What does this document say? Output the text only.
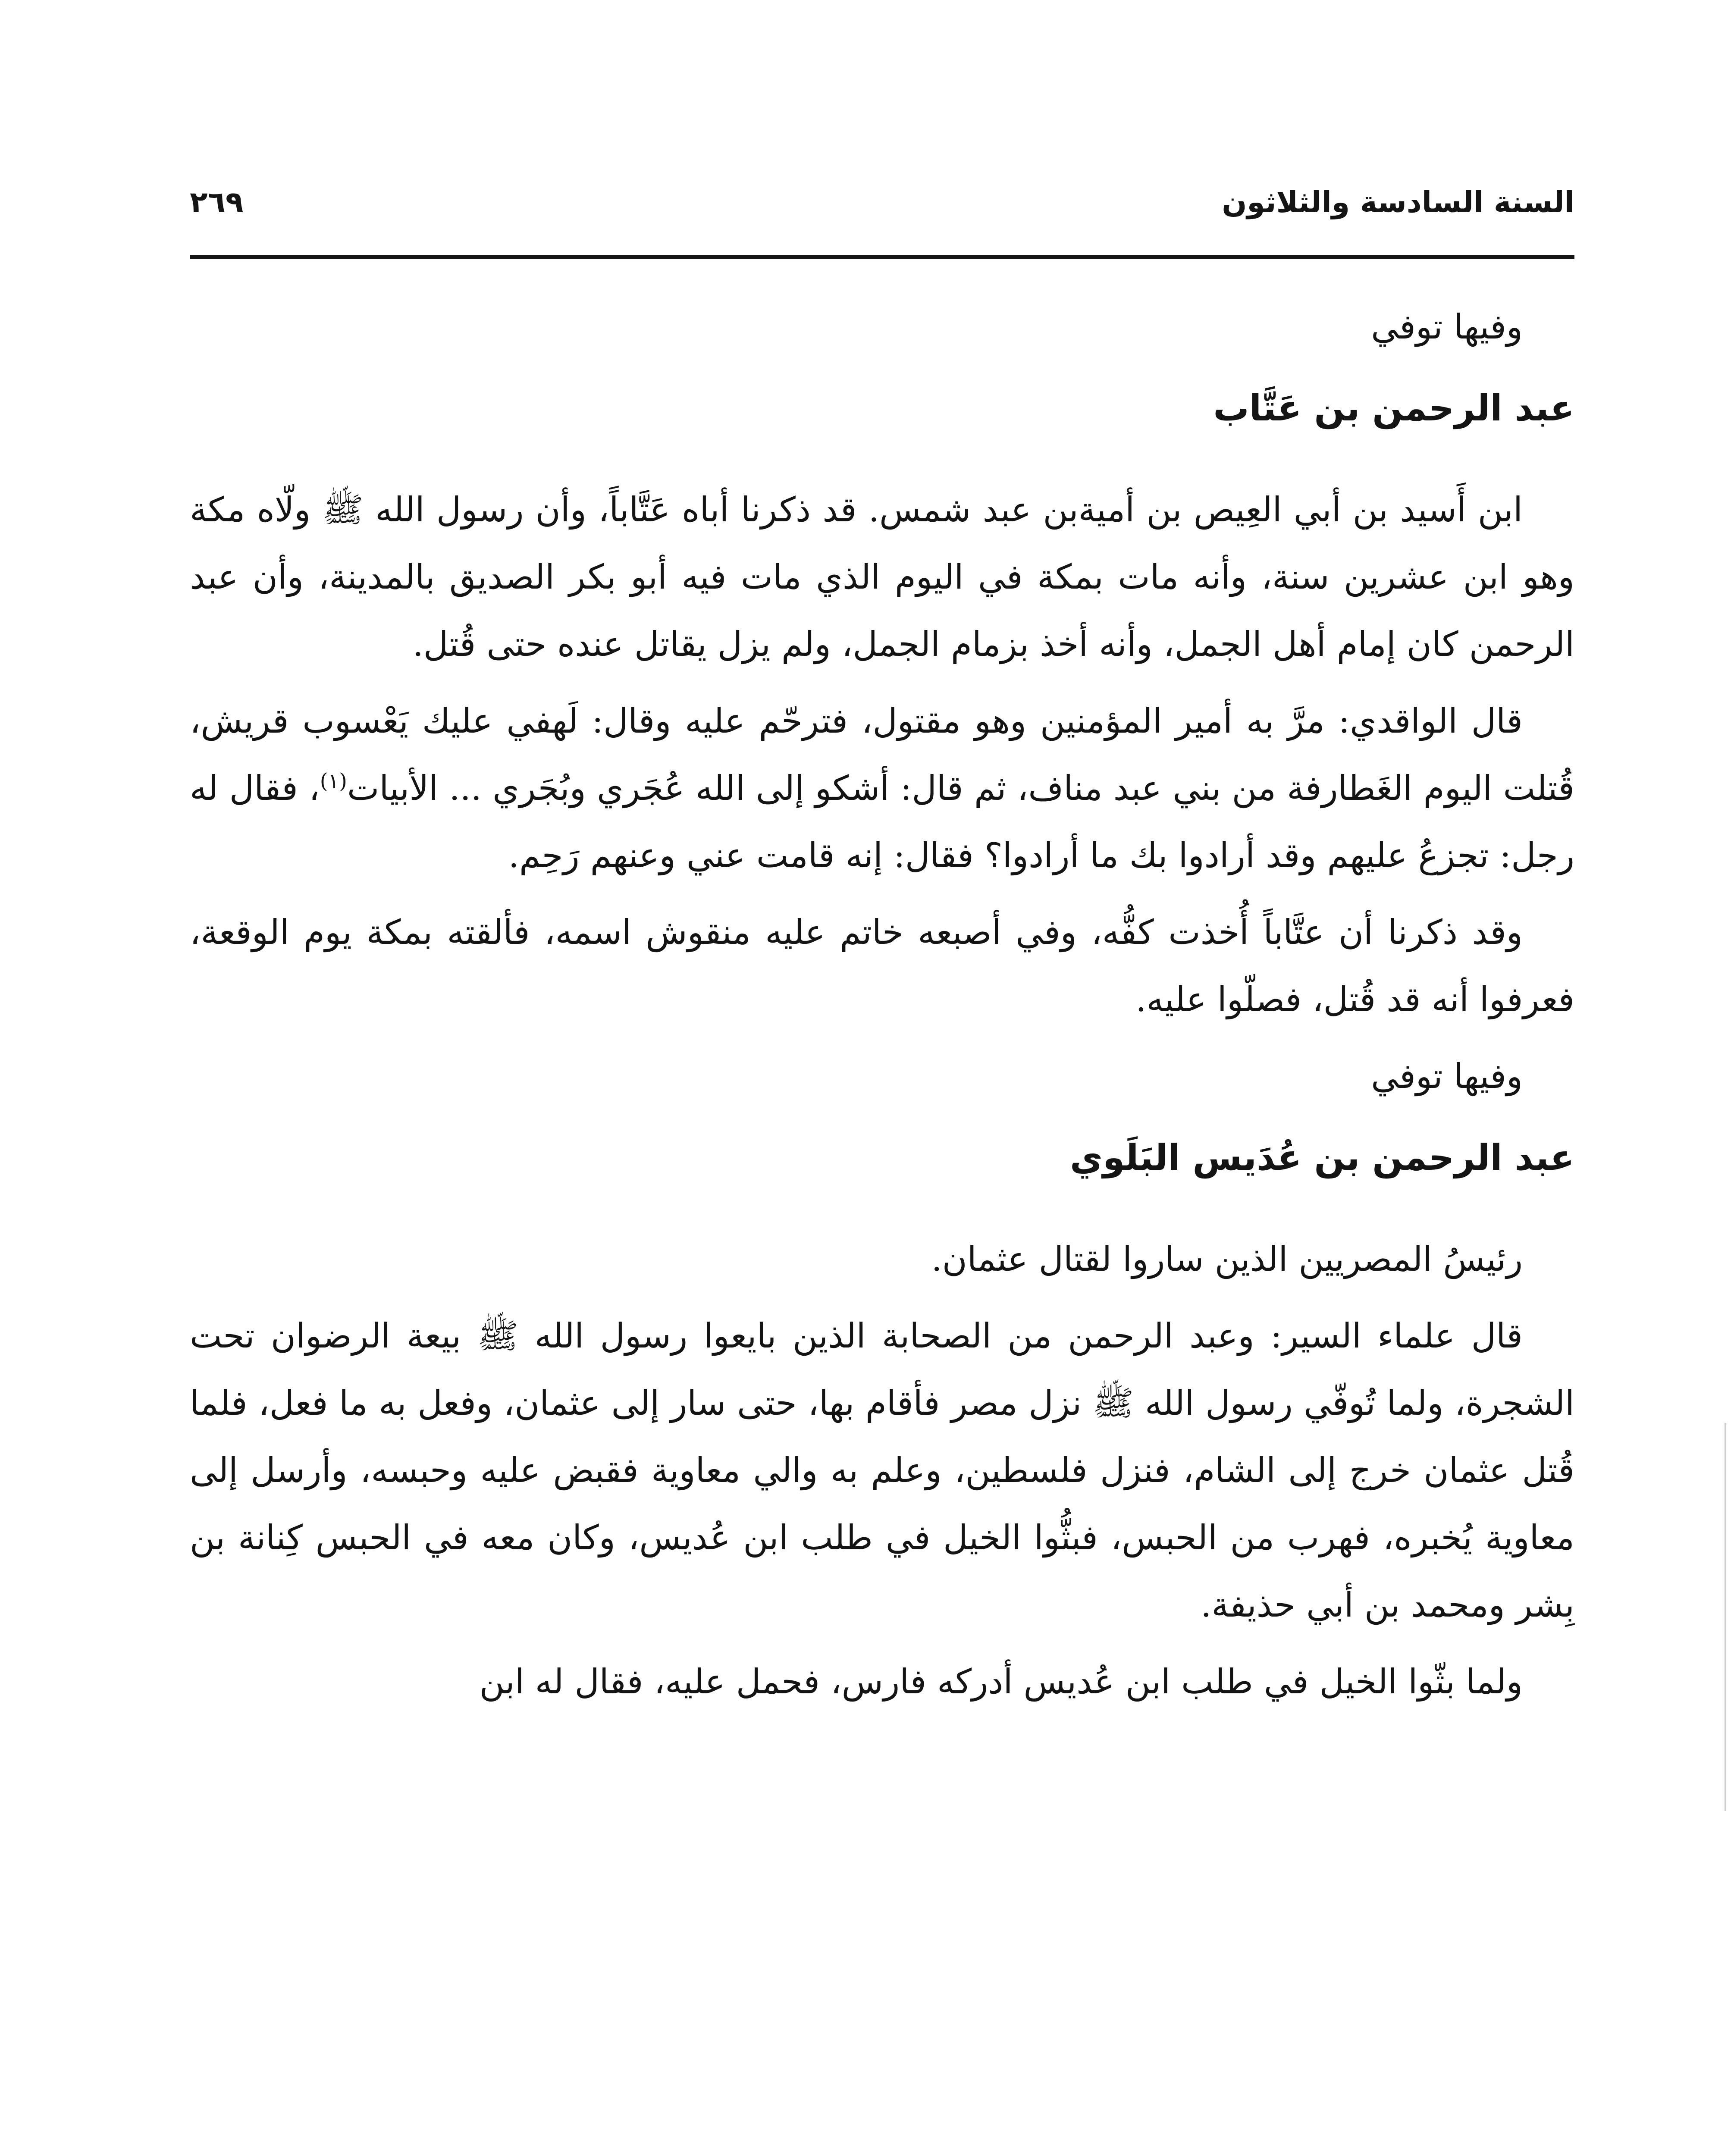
السنة السادسة والثلاثون
٢٦٩

وفيها توفي

عبد الرحمن بن عَتَّاب

ابن أَسيد بن أبي العِيص بن أميةبن عبد شمس. قد ذكرنا أباه عَتَّاباً، وأن رسول الله ﷺ ولّاه مكة وهو ابن عشرين سنة، وأنه مات بمكة في اليوم الذي مات فيه أبو بكر الصديق بالمدينة، وأن عبد الرحمن كان إمام أهل الجمل، وأنه أخذ بزمام الجمل، ولم يزل يقاتل عنده حتى قُتل.

قال الواقدي: مرَّ به أمير المؤمنين وهو مقتول، فترحّم عليه وقال: لَهفي عليك يَعْسوب قريش، قُتلت اليوم الغَطارفة من بني عبد مناف، ثم قال: أشكو إلى الله عُجَري وبُجَري ... الأبيات$^{(١)}$، فقال له رجل: تجزعُ عليهم وقد أرادوا بك ما أرادوا؟ فقال: إنه قامت عني وعنهم رَحِم.

وقد ذكرنا أن عتَّاباً أُخذت كفُّه، وفي أصبعه خاتم عليه منقوش اسمه، فألقته بمكة يوم الوقعة، فعرفوا أنه قد قُتل، فصلّوا عليه.

وفيها توفي

عبد الرحمن بن عُدَيس البَلَوي

رئيسُ المصريين الذين ساروا لقتال عثمان.

قال علماء السير: وعبد الرحمن من الصحابة الذين بايعوا رسول الله ﷺ بيعة الرضوان تحت الشجرة، ولما تُوفّي رسول الله ﷺ نزل مصر فأقام بها، حتى سار إلى عثمان، وفعل به ما فعل، فلما قُتل عثمان خرج إلى الشام، فنزل فلسطين، وعلم به والي معاوية فقبض عليه وحبسه، وأرسل إلى معاوية يُخبره، فهرب من الحبس، فبثُّوا الخيل في طلب ابن عُديس، وكان معه في الحبس كِنانة بن بِشر ومحمد بن أبي حذيفة.

ولما بثّوا الخيل في طلب ابن عُديس أدركه فارس، فحمل عليه، فقال له ابن
